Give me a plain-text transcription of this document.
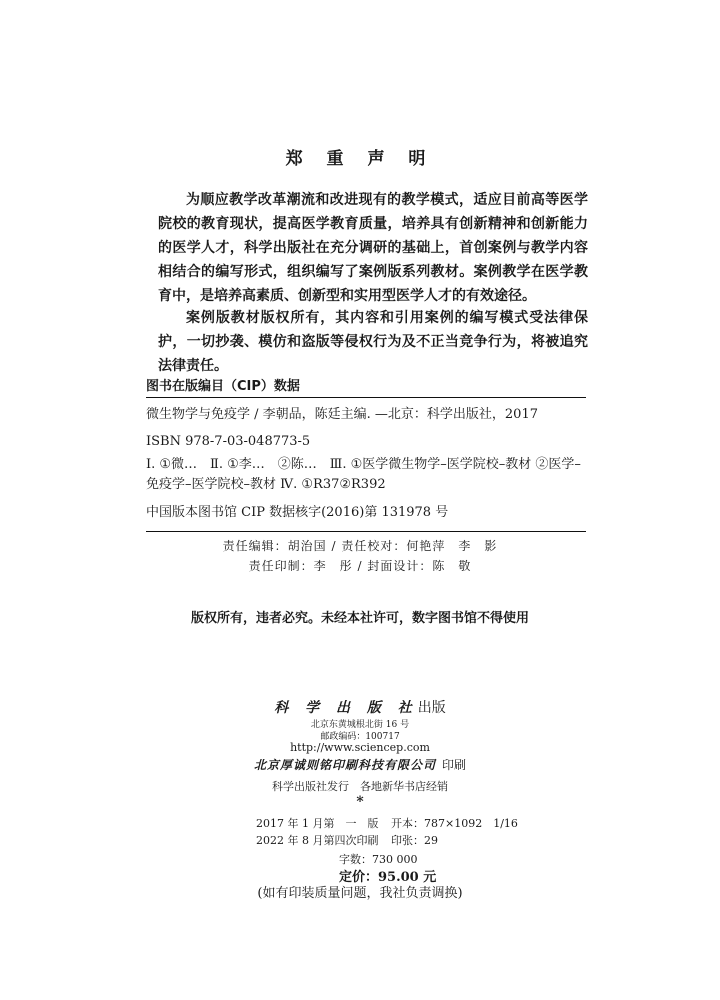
郑 重 声 明

为顺应教学改革潮流和改进现有的教学模式，适应目前高等医学院校的教育现状，提高医学教育质量，培养具有创新精神和创新能力的医学人才，科学出版社在充分调研的基础上，首创案例与教学内容相结合的编写形式，组织编写了案例版系列教材。案例教学在医学教育中，是培养高素质、创新型和实用型医学人才的有效途径。

案例版教材版权所有，其内容和引用案例的编写模式受法律保护，一切抄袭、模仿和盗版等侵权行为及不正当竞争行为，将被追究法律责任。

图书在版编目（CIP）数据
微生物学与免疫学 / 李朝品，陈廷主编. —北京：科学出版社，2017
ISBN 978-7-03-048773-5
Ⅰ. ①微…　Ⅱ. ①李…　②陈…　Ⅲ. ①医学微生物学–医学院校–教材 ②医学–免疫学–医学院校–教材 Ⅳ. ①R37②R392
中国版本图书馆 CIP 数据核字(2016)第 131978 号
责任编辑：胡治国 / 责任校对：何艳萍　李　影
责任印制：李　彤 / 封面设计：陈　敬
版权所有，违者必究。未经本社许可，数字图书馆不得使用
科 学 出 版 社出版
北京东黄城根北街 16 号
邮政编码：100717
http://www.sciencep.com
北京厚诚则铭印刷科技有限公司  印刷
科学出版社发行　各地新华书店经销
*
2017 年 1 月第　一　版 开本：787×1092　1/16
2022 年 8 月第四次印刷 印张：29
字数：730 000
定价：95.00 元
(如有印装质量问题，我社负责调换)
